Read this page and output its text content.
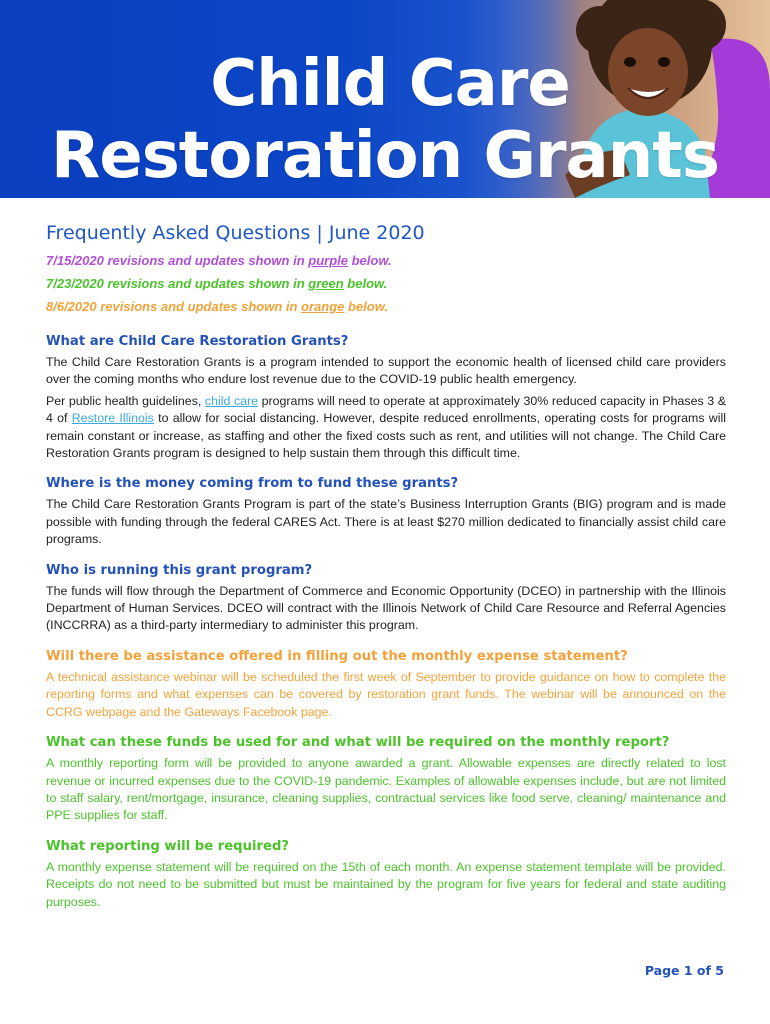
Child Care
Restoration Grants
Frequently Asked Questions | June 2020
7/15/2020 revisions and updates shown in purple below.
7/23/2020 revisions and updates shown in green below.
8/6/2020 revisions and updates shown in orange below.
What are Child Care Restoration Grants?

The Child Care Restoration Grants is a program intended to support the economic health of licensed child care providers over the coming months who endure lost revenue due to the COVID-19 public health emergency.

Per public health guidelines, child care programs will need to operate at approximately 30% reduced capacity in Phases 3 & 4 of Restore Illinois to allow for social distancing. However, despite reduced enrollments, operating costs for programs will remain constant or increase, as staffing and other the fixed costs such as rent, and utilities will not change. The Child Care Restoration Grants program is designed to help sustain them through this difficult time.

Where is the money coming from to fund these grants?

The Child Care Restoration Grants Program is part of the state’s Business Interruption Grants (BIG) program and is made possible with funding through the federal CARES Act. There is at least $270 million dedicated to financially assist child care programs.

Who is running this grant program?

The funds will flow through the Department of Commerce and Economic Opportunity (DCEO) in partnership with the Illinois Department of Human Services. DCEO will contract with the Illinois Network of Child Care Resource and Referral Agencies (INCCRRA) as a third-party intermediary to administer this program.

Will there be assistance offered in filling out the monthly expense statement?

A technical assistance webinar will be scheduled the first week of September to provide guidance on how to complete the reporting forms and what expenses can be covered by restoration grant funds. The webinar will be announced on the CCRG webpage and the Gateways Facebook page.

What can these funds be used for and what will be required on the monthly report?

A monthly reporting form will be provided to anyone awarded a grant. Allowable expenses are directly related to lost revenue or incurred expenses due to the COVID-19 pandemic. Examples of allowable expenses include, but are not limited to staff salary, rent/mortgage, insurance, cleaning supplies, contractual services like food serve, cleaning/ maintenance and PPE supplies for staff.

What reporting will be required?

A monthly expense statement will be required on the 15th of each month. An expense statement template will be provided. Receipts do not need to be submitted but must be maintained by the program for five years for federal and state auditing purposes.

Page 1 of 5
